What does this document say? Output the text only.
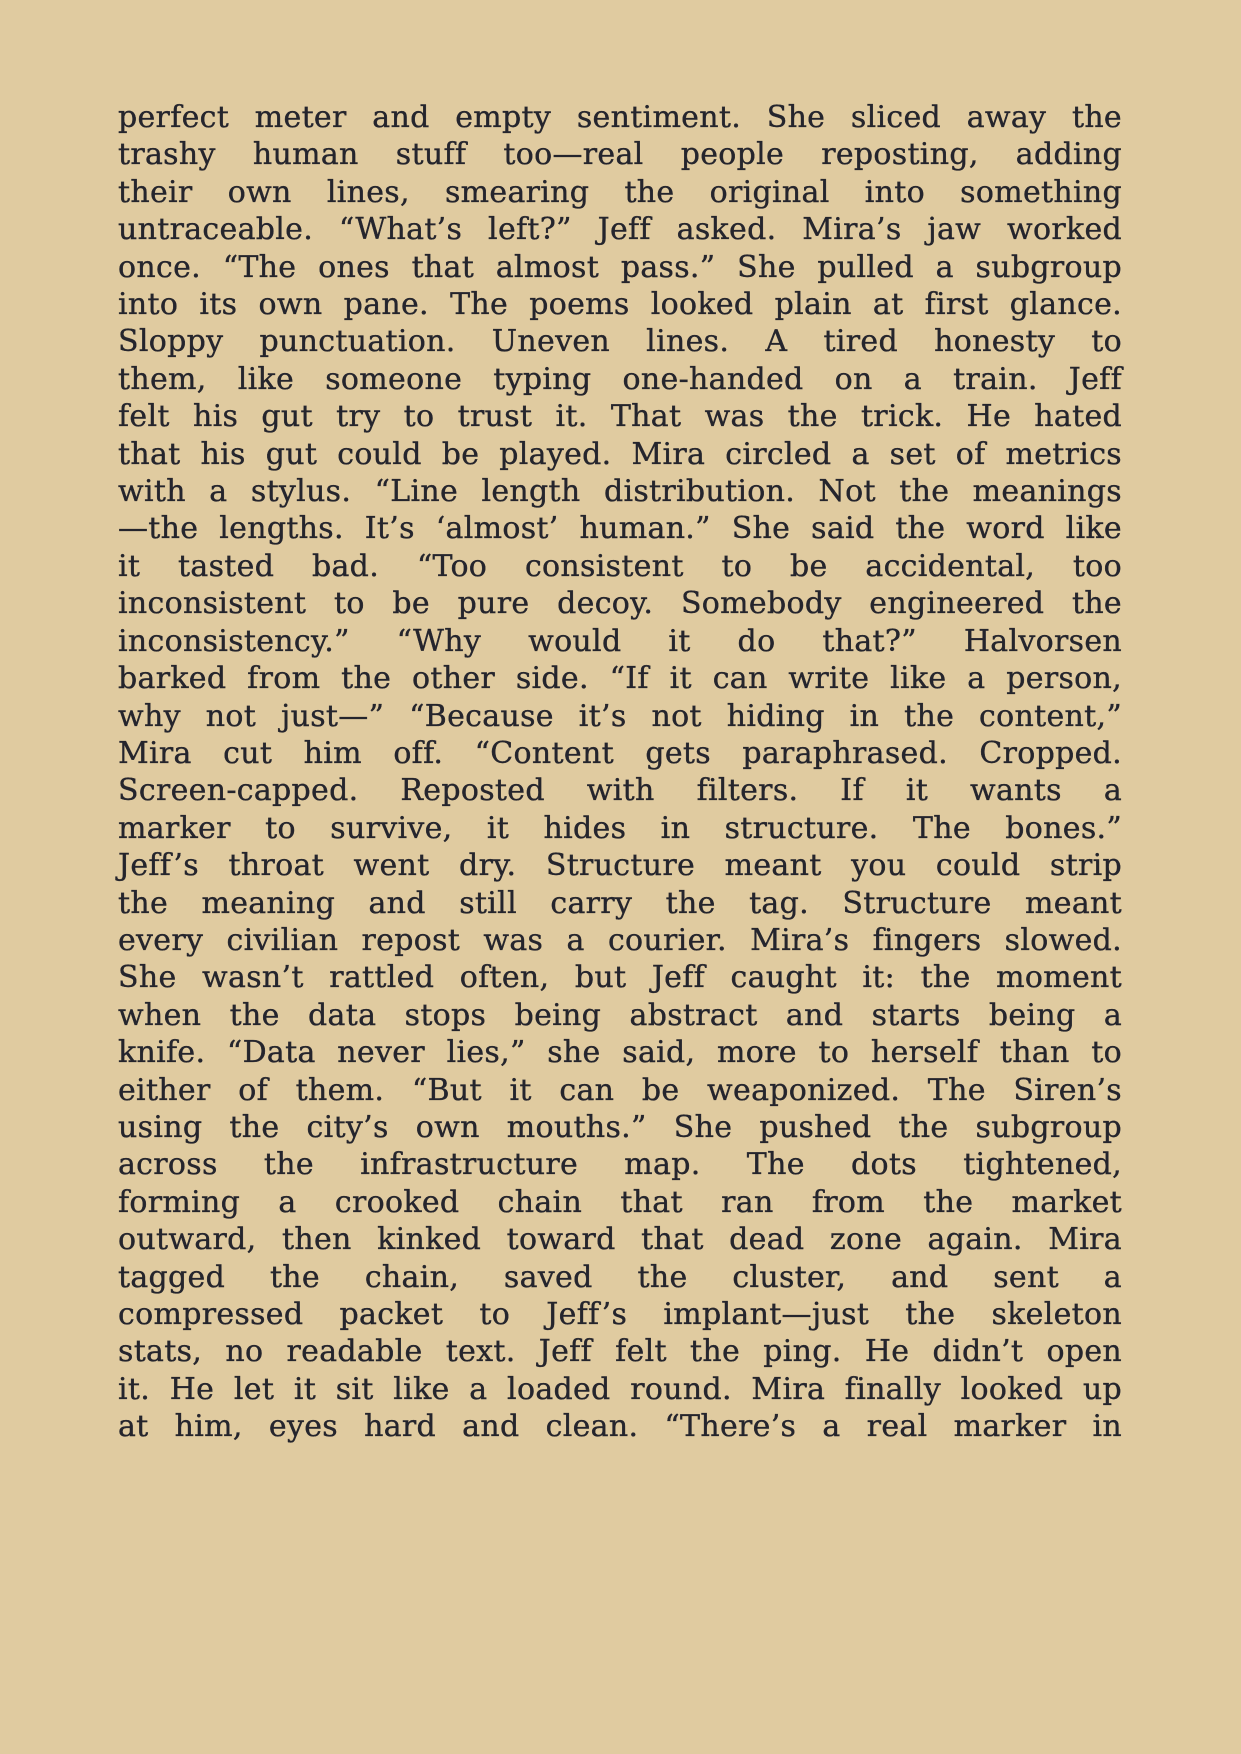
perfect meter and empty sentiment. She sliced away the
trashy human stuff too—real people reposting, adding
their own lines, smearing the original into something
untraceable. “What’s left?” Jeff asked. Mira’s jaw worked
once. “The ones that almost pass.” She pulled a subgroup
into its own pane. The poems looked plain at first glance.
Sloppy punctuation. Uneven lines. A tired honesty to
them, like someone typing one-handed on a train. Jeff
felt his gut try to trust it. That was the trick. He hated
that his gut could be played. Mira circled a set of metrics
with a stylus. “Line length distribution. Not the meanings
—the lengths. It’s ‘almost’ human.” She said the word like
it tasted bad. “Too consistent to be accidental, too
inconsistent to be pure decoy. Somebody engineered the
inconsistency.” “Why would it do that?” Halvorsen
barked from the other side. “If it can write like a person,
why not just—” “Because it’s not hiding in the content,”
Mira cut him off. “Content gets paraphrased. Cropped.
Screen-capped. Reposted with filters. If it wants a
marker to survive, it hides in structure. The bones.”
Jeff’s throat went dry. Structure meant you could strip
the meaning and still carry the tag. Structure meant
every civilian repost was a courier. Mira’s fingers slowed.
She wasn’t rattled often, but Jeff caught it: the moment
when the data stops being abstract and starts being a
knife. “Data never lies,” she said, more to herself than to
either of them. “But it can be weaponized. The Siren’s
using the city’s own mouths.” She pushed the subgroup
across the infrastructure map. The dots tightened,
forming a crooked chain that ran from the market
outward, then kinked toward that dead zone again. Mira
tagged the chain, saved the cluster, and sent a
compressed packet to Jeff’s implant—just the skeleton
stats, no readable text. Jeff felt the ping. He didn’t open
it. He let it sit like a loaded round. Mira finally looked up
at him, eyes hard and clean. “There’s a real marker in
